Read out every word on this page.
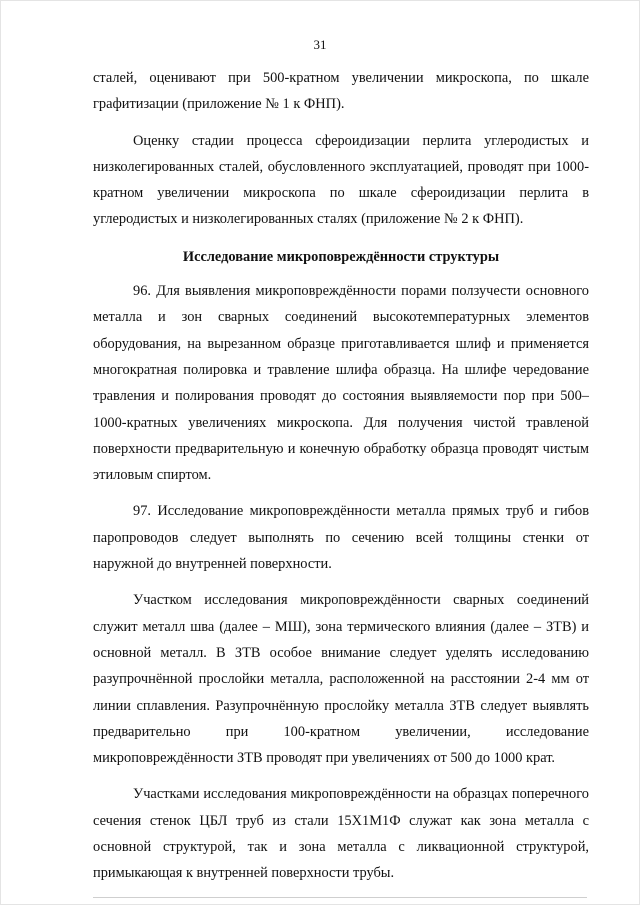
31

сталей, оценивают при 500-кратном увеличении микроскопа, по шкале графитизации (приложение № 1 к ФНП).

Оценку стадии процесса сфероидизации перлита углеродистых и низколегированных сталей, обусловленного эксплуатацией, проводят при 1000-кратном увеличении микроскопа по шкале сфероидизации перлита в углеродистых и низколегированных сталях (приложение № 2 к ФНП).

Исследование микроповреждённости структуры

96. Для выявления микроповреждённости порами ползучести основного металла и зон сварных соединений высокотемпературных элементов оборудования, на вырезанном образце приготавливается шлиф и применяется многократная полировка и травление шлифа образца. На шлифе чередование травления и полирования проводят до состояния выявляемости пор при 500–1000-кратных увеличениях микроскопа. Для получения чистой травленой поверхности предварительную и конечную обработку образца проводят чистым этиловым спиртом.

97. Исследование микроповреждённости металла прямых труб и гибов паропроводов следует выполнять по сечению всей толщины стенки от наружной до внутренней поверхности.

Участком исследования микроповреждённости сварных соединений служит металл шва (далее – МШ), зона термического влияния (далее – ЗТВ) и основной металл. В ЗТВ особое внимание следует уделять исследованию разупрочнённой прослойки металла, расположенной на расстоянии 2-4 мм от линии сплавления. Разупрочнённую прослойку металла ЗТВ следует выявлять предварительно при 100-кратном увеличении, исследование микроповреждённости ЗТВ проводят при увеличениях от 500 до 1000 крат.

Участками исследования микроповреждённости на образцах поперечного сечения стенок ЦБЛ труб из стали 15Х1М1Ф служат как зона металла с основной структурой, так и зона металла с ликвационной структурой, примыкающая к внутренней поверхности трубы.
